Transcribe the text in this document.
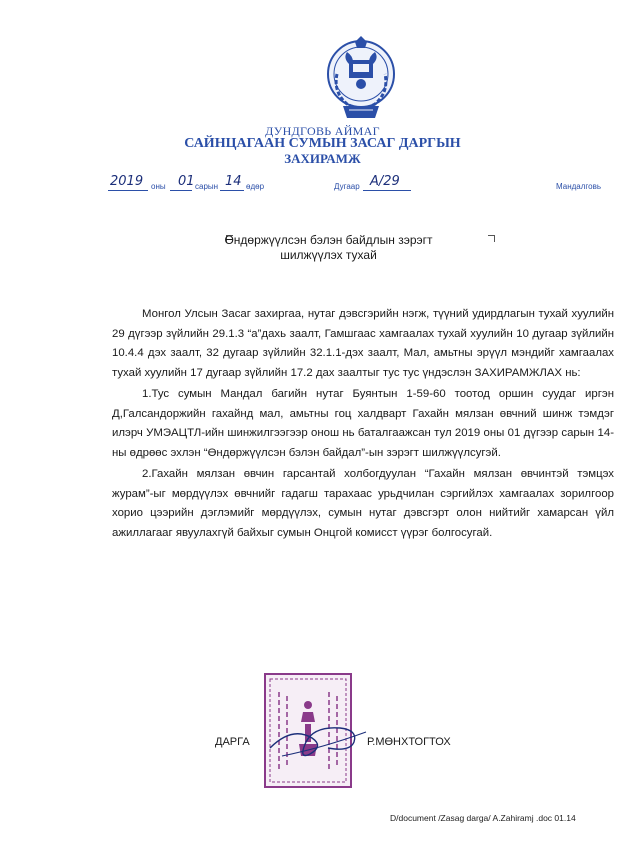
ДУНДГОВЬ АЙМАГ
САЙНЦАГААН СУМЫН ЗАСАГ ДАРГЫН
ЗАХИРАМЖ
2019 оны 01 сарын 14 өдөр	Дугаар А/29	Мандалговь
Өндөржүүлсэн бэлэн байдлын зэрэгт
шилжүүлэх тухай

Монгол Улсын Засаг захиргаа, нутаг дэвсгэрийн нэгж, түүний удирдлагын тухай хуулийн 29 дүгээр зүйлийн 29.1.3 “а”дахь заалт, Гамшгаас хамгаалах тухай хуулийн 10 дугаар зүйлийн 10.4.4 дэх заалт, 32 дугаар зүйлийн 32.1.1-дэх заалт, Мал, амьтны эрүүл мэндийг хамгаалах тухай хуулийн 17 дугаар зүйлийн 17.2 дах заалтыг тус тус үндэслэн ЗАХИРАМЖЛАХ нь:

1.Тус сумын Мандал багийн нутаг Буянтын 1-59-60 тоотод оршин суудаг иргэн Д,Галсандоржийн гахайнд мал, амьтны гоц халдварт Гахайн мялзан өвчний шинж тэмдэг илэрч УМЭАЦТЛ-ийн шинжилгээгээр онош нь баталгаажсан тул 2019 оны 01 дүгээр сарын 14-ны өдрөөс эхлэн “Өндөржүүлсэн бэлэн байдал”-ын зэрэгт шилжүүлсугэй.

2.Гахайн мялзан өвчин гарсантай холбогдуулан “Гахайн мялзан өвчинтэй тэмцэх журам”-ыг мөрдүүлэх өвчнийг гадагш тарахаас урьдчилан сэргийлэх хамгаалах зорилгоор хорио цээрийн дэглэмийг мөрдүүлэх, сумын нутаг дэвсгэрт олон нийтийг хамарсан үйл ажиллагааг явуулахгүй байхыг сумын Онцгой комисст үүрэг болгосугай.

ДАРГА	Р.МӨНХТОГТОХ
D/document /Zasag darga/ A.Zahiramj .doc 01.14
